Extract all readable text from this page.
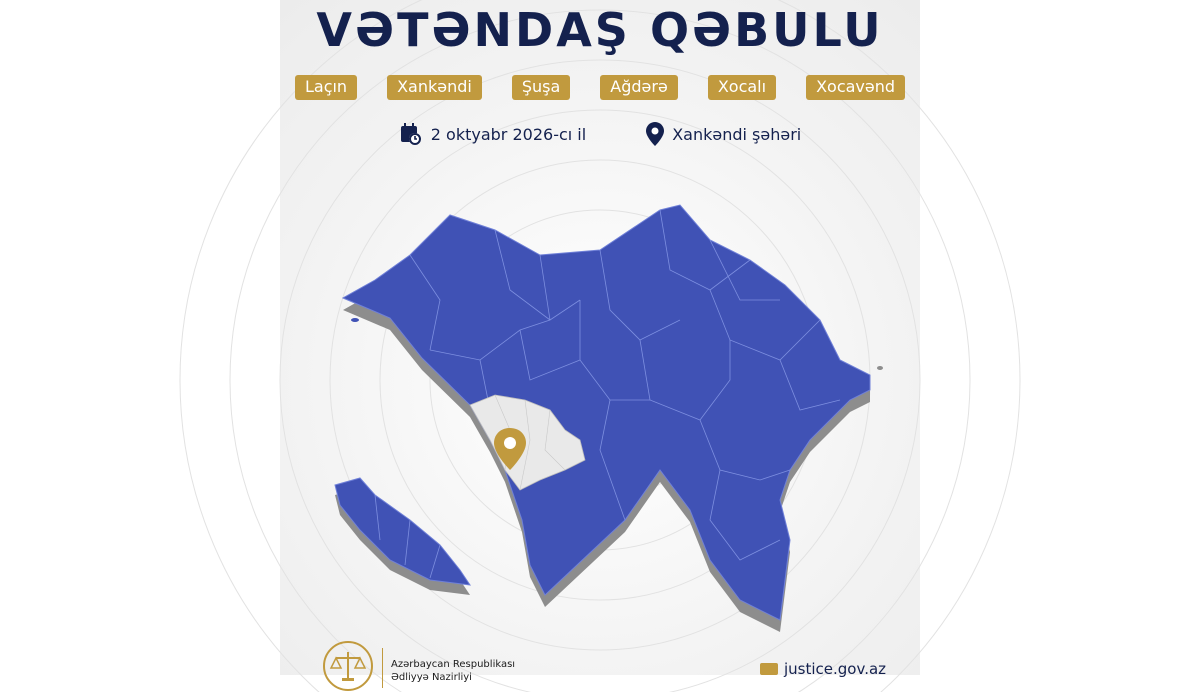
VƏTƏNDAŞ QƏBULU
Laçın	Xankəndi	Şuşa	Ağdərə	Xocalı	Xocavənd
2 oktyabr 2026-cı il	Xankəndi şəhəri
Azərbaycan Respublikası
Ədliyyə Nazirliyi	justice.gov.az
